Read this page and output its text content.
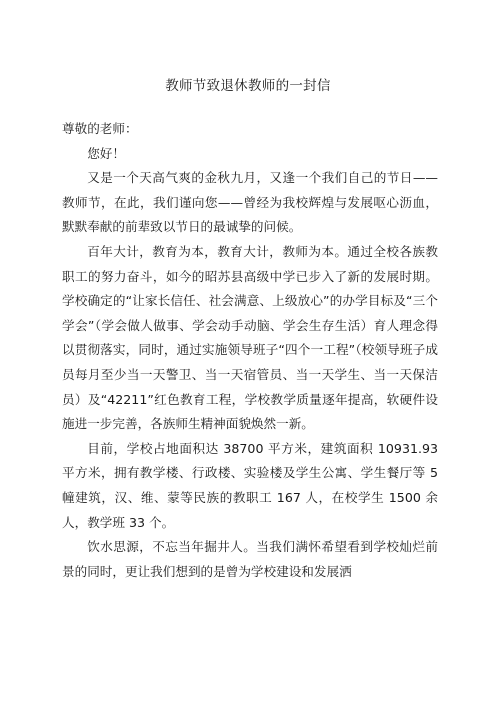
教师节致退休教师的一封信

尊敬的老师：

您好！

又是一个天高气爽的金秋九月，又逢一个我们自己的节日——教师节，在此，我们谨向您——曾经为我校辉煌与发展呕心沥血，默默奉献的前辈致以节日的最诚挚的问候。

百年大计，教育为本，教育大计，教师为本。通过全校各族教职工的努力奋斗，如今的昭苏县高级中学已步入了新的发展时期。学校确定的“让家长信任、社会满意、上级放心”的办学目标及“三个学会”（学会做人做事、学会动手动脑、学会生存生活）育人理念得以贯彻落实，同时，通过实施领导班子“四个一工程”（校领导班子成员每月至少当一天警卫、当一天宿管员、当一天学生、当一天保洁员）及“42211”红色教育工程，学校教学质量逐年提高，软硬件设施进一步完善，各族师生精神面貌焕然一新。

目前，学校占地面积达 38700 平方米，建筑面积 10931.93 平方米，拥有教学楼、行政楼、实验楼及学生公寓、学生餐厅等 5 幢建筑，汉、维、蒙等民族的教职工 167 人，在校学生 1500 余人，教学班 33 个。

饮水思源，不忘当年掘井人。当我们满怀希望看到学校灿烂前景的同时，更让我们想到的是曾为学校建设和发展洒
